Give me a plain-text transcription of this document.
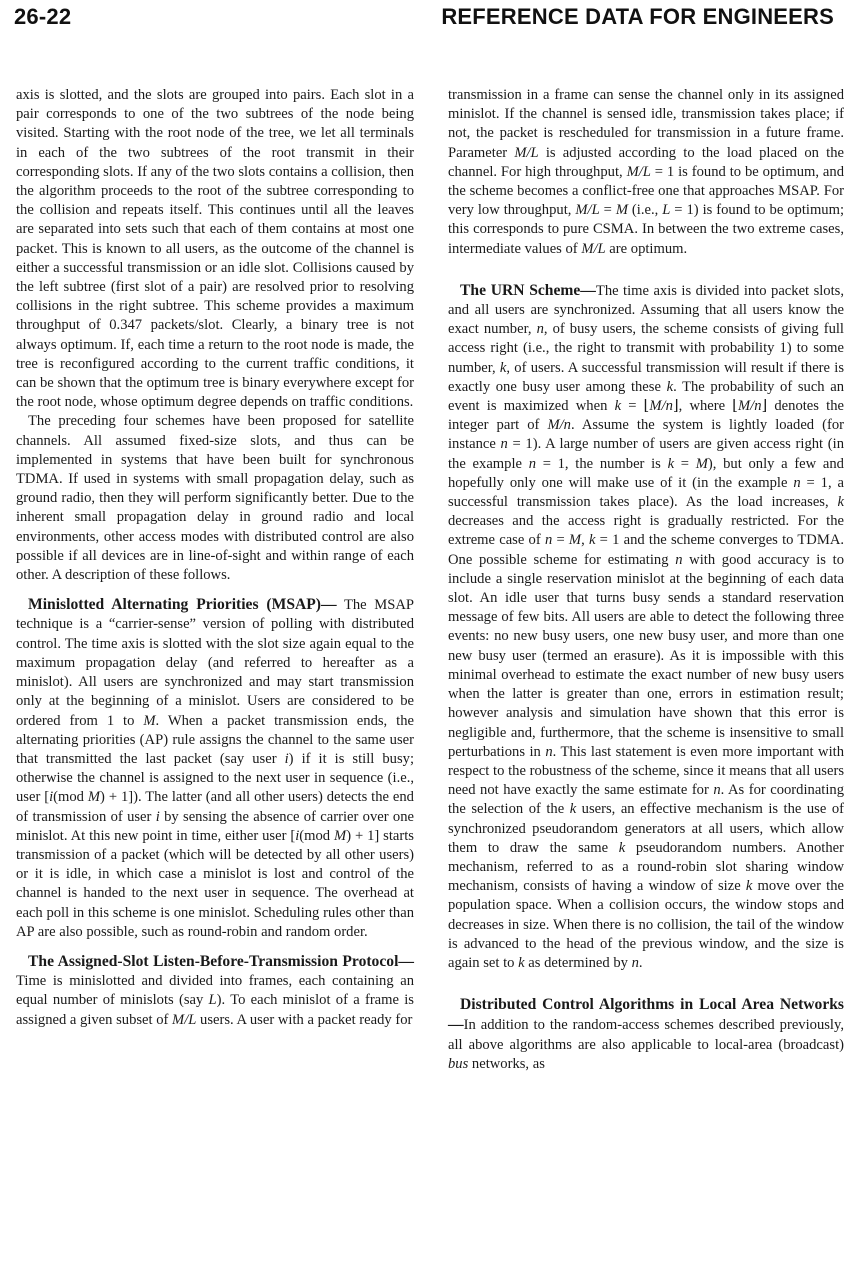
26-22	REFERENCE DATA FOR ENGINEERS

axis is slotted, and the slots are grouped into pairs. Each slot in a pair corresponds to one of the two subtrees of the node being visited. Starting with the root node of the tree, we let all terminals in each of the two subtrees of the root transmit in their corresponding slots. If any of the two slots contains a collision, then the algorithm proceeds to the root of the subtree corresponding to the collision and repeats itself. This continues until all the leaves are separated into sets such that each of them contains at most one packet. This is known to all users, as the outcome of the channel is either a successful transmission or an idle slot. Collisions caused by the left subtree (first slot of a pair) are resolved prior to resolving collisions in the right subtree. This scheme provides a maximum throughput of 0.347 packets/slot. Clearly, a binary tree is not always optimum. If, each time a return to the root node is made, the tree is reconfigured according to the current traffic conditions, it can be shown that the optimum tree is binary everywhere except for the root node, whose optimum degree depends on traffic conditions.

The preceding four schemes have been proposed for satellite channels. All assumed fixed-size slots, and thus can be implemented in systems that have been built for synchronous TDMA. If used in systems with small propagation delay, such as ground radio, then they will perform significantly better. Due to the inherent small propagation delay in ground radio and local environments, other access modes with distributed control are also possible if all devices are in line-of-sight and within range of each other. A description of these follows.

Minislotted Alternating Priorities (MSAP)— The MSAP technique is a “carrier-sense” version of polling with distributed control. The time axis is slotted with the slot size again equal to the maximum propagation delay (and referred to hereafter as a minislot). All users are synchronized and may start transmission only at the beginning of a minislot. Users are considered to be ordered from 1 to M. When a packet transmission ends, the alternating priorities (AP) rule assigns the channel to the same user that transmitted the last packet (say user i) if it is still busy; otherwise the channel is assigned to the next user in sequence (i.e., user [i(mod M) + 1]). The latter (and all other users) detects the end of transmission of user i by sensing the absence of carrier over one minislot. At this new point in time, either user [i(mod M) + 1] starts transmission of a packet (which will be detected by all other users) or it is idle, in which case a minislot is lost and control of the channel is handed to the next user in sequence. The overhead at each poll in this scheme is one minislot. Scheduling rules other than AP are also possible, such as round-robin and random order.

The Assigned-Slot Listen-Before-Transmission Protocol—Time is minislotted and divided into frames, each containing an equal number of minislots (say L). To each minislot of a frame is assigned a given subset of M/L users. A user with a packet ready for

transmission in a frame can sense the channel only in its assigned minislot. If the channel is sensed idle, transmission takes place; if not, the packet is rescheduled for transmission in a future frame. Parameter M/L is adjusted according to the load placed on the channel. For high throughput, M/L = 1 is found to be optimum, and the scheme becomes a conflict-free one that approaches MSAP. For very low throughput, M/L = M (i.e., L = 1) is found to be optimum; this corresponds to pure CSMA. In between the two extreme cases, intermediate values of M/L are optimum.

The URN Scheme—The time axis is divided into packet slots, and all users are synchronized. Assuming that all users know the exact number, n, of busy users, the scheme consists of giving full access right (i.e., the right to transmit with probability 1) to some number, k, of users. A successful transmission will result if there is exactly one busy user among these k. The probability of such an event is maximized when k = ⌊M/n⌋, where ⌊M/n⌋ denotes the integer part of M/n. Assume the system is lightly loaded (for instance n = 1). A large number of users are given access right (in the example n = 1, the number is k = M), but only a few and hopefully only one will make use of it (in the example n = 1, a successful transmission takes place). As the load increases, k decreases and the access right is gradually restricted. For the extreme case of n = M, k = 1 and the scheme converges to TDMA. One possible scheme for estimating n with good accuracy is to include a single reservation minislot at the beginning of each data slot. An idle user that turns busy sends a standard reservation message of few bits. All users are able to detect the following three events: no new busy users, one new busy user, and more than one new busy user (termed an erasure). As it is impossible with this minimal overhead to estimate the exact number of new busy users when the latter is greater than one, errors in estimation result; however analysis and simulation have shown that this error is negligible and, furthermore, that the scheme is insensitive to small perturbations in n. This last statement is even more important with respect to the robustness of the scheme, since it means that all users need not have exactly the same estimate for n. As for coordinating the selection of the k users, an effective mechanism is the use of synchronized pseudorandom generators at all users, which allow them to draw the same k pseudorandom numbers. Another mechanism, referred to as a round-robin slot sharing window mechanism, consists of having a window of size k move over the population space. When a collision occurs, the window stops and decreases in size. When there is no collision, the tail of the window is advanced to the head of the previous window, and the size is again set to k as determined by n.

Distributed Control Algorithms in Local Area Networks—In addition to the random-access schemes described previously, all above algorithms are also applicable to local-area (broadcast) bus networks, as
